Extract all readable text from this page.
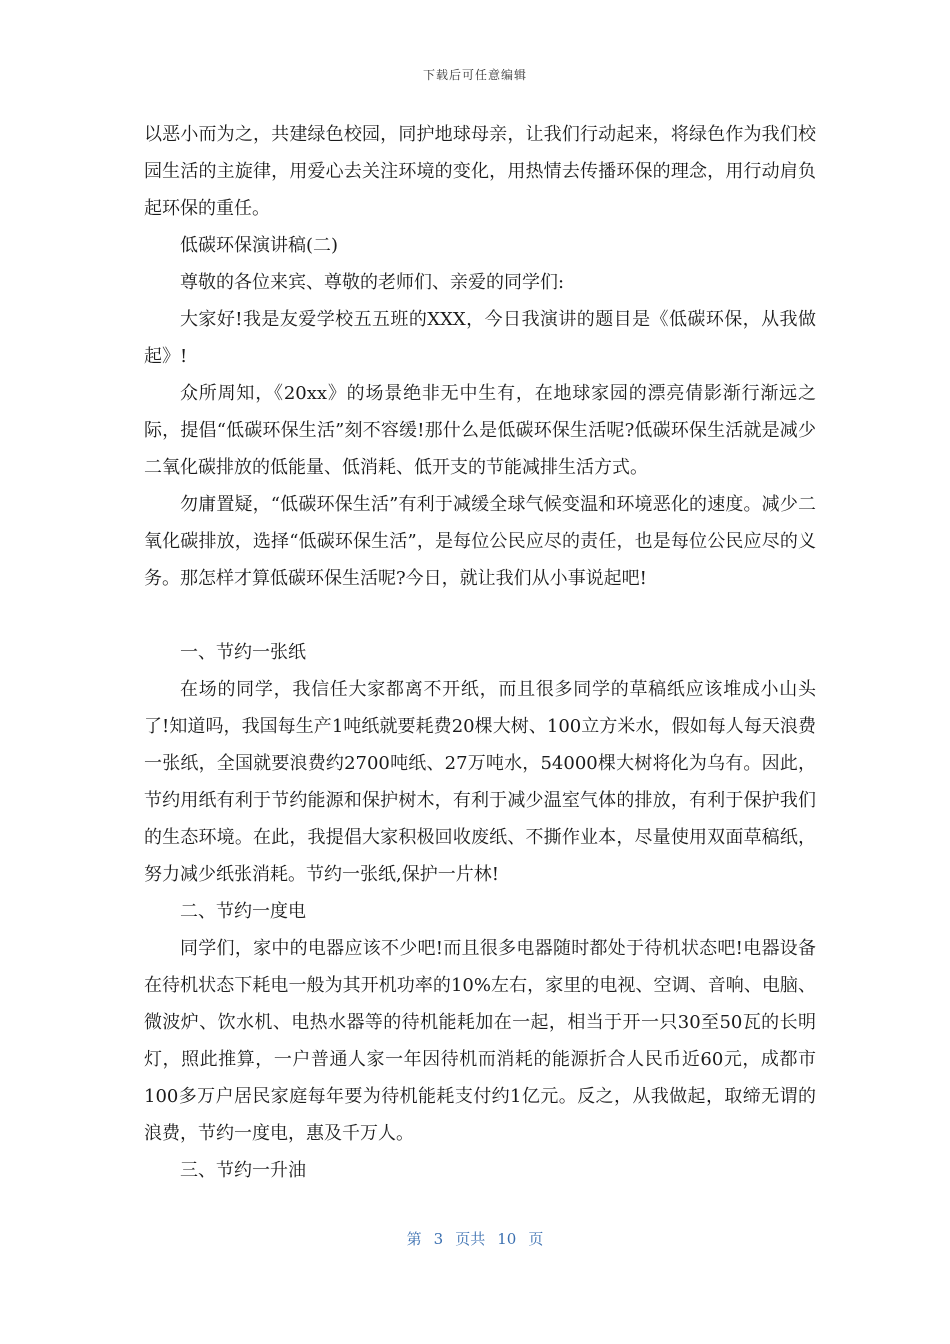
下载后可任意编辑

以恶小而为之，共建绿色校园，同护地球母亲，让我们行动起来，将绿色作为我们校园生活的主旋律，用爱心去关注环境的变化，用热情去传播环保的理念，用行动肩负起环保的重任。

低碳环保演讲稿(二)

尊敬的各位来宾、尊敬的老师们、亲爱的同学们:

大家好!我是友爱学校五五班的XXX，今日我演讲的题目是《低碳环保，从我做起》!

众所周知，《20xx》的场景绝非无中生有，在地球家园的漂亮倩影渐行渐远之际，提倡“低碳环保生活”刻不容缓!那什么是低碳环保生活呢?低碳环保生活就是减少二氧化碳排放的低能量、低消耗、低开支的节能减排生活方式。

勿庸置疑，“低碳环保生活”有利于减缓全球气候变温和环境恶化的速度。减少二氧化碳排放，选择“低碳环保生活”，是每位公民应尽的责任，也是每位公民应尽的义务。那怎样才算低碳环保生活呢?今日，就让我们从小事说起吧!

一、节约一张纸

在场的同学，我信任大家都离不开纸，而且很多同学的草稿纸应该堆成小山头了!知道吗，我国每生产1吨纸就要耗费20棵大树、100立方米水，假如每人每天浪费一张纸，全国就要浪费约2700吨纸、27万吨水，54000棵大树将化为乌有。因此，节约用纸有利于节约能源和保护树木，有利于减少温室气体的排放，有利于保护我们的生态环境。在此，我提倡大家积极回收废纸、不撕作业本，尽量使用双面草稿纸，努力减少纸张消耗。节约一张纸,保护一片林!

二、节约一度电

同学们，家中的电器应该不少吧!而且很多电器随时都处于待机状态吧!电器设备在待机状态下耗电一般为其开机功率的10%左右，家里的电视、空调、音响、电脑、微波炉、饮水机、电热水器等的待机能耗加在一起，相当于开一只30至50瓦的长明灯，照此推算，一户普通人家一年因待机而消耗的能源折合人民币近60元，成都市100多万户居民家庭每年要为待机能耗支付约1亿元。反之，从我做起，取缔无谓的浪费，节约一度电，惠及千万人。

三、节约一升油

第 3 页共 10 页
